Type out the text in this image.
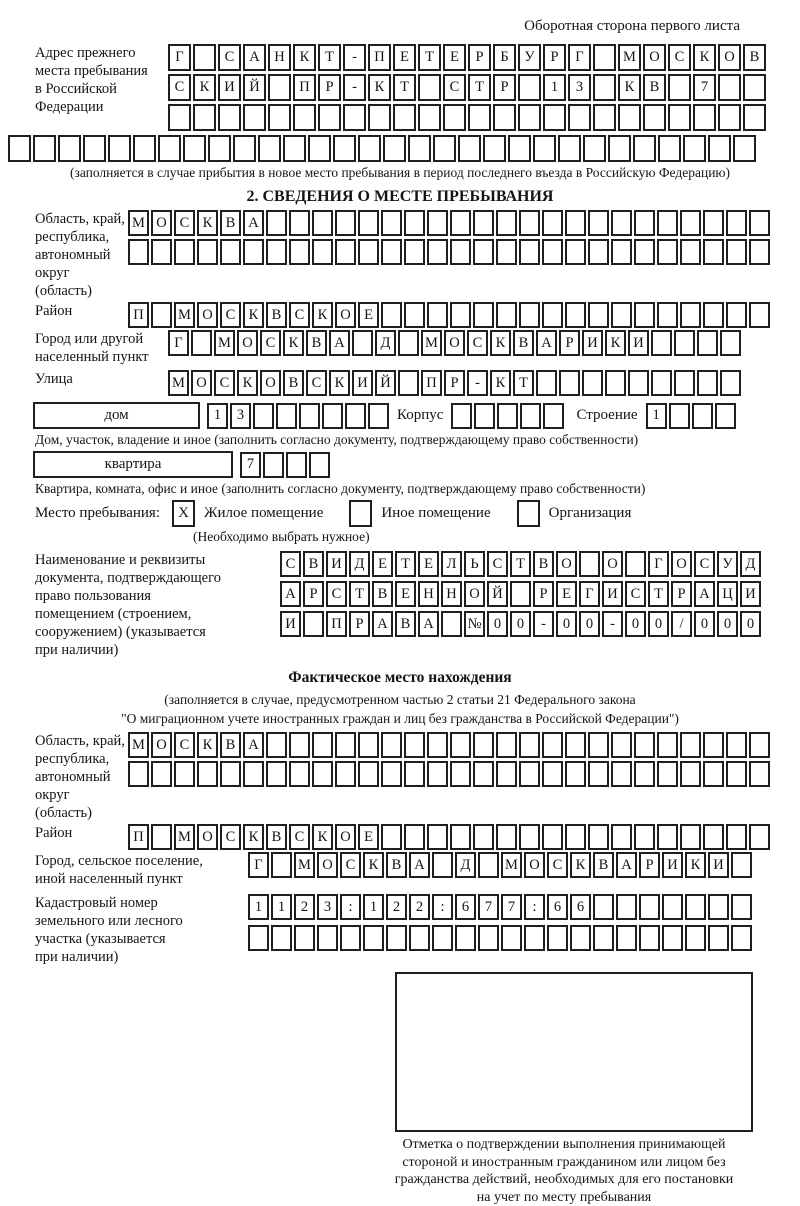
Оборотная сторона первого листа
Адрес прежнего
места пребывания
в Российской
Федерации
Г	С	А	Н	К	Т	-	П	Е	Т	Е	Р	Б	У	Р	Г	М О	С	К	О	В
С	К	И	Й	П	Р	-	К	Т	С	Т	Р	1	3	К	В	7
(заполняется в случае прибытия в новое место пребывания в период последнего въезда в Российскую Федерацию)
2. СВЕДЕНИЯ О МЕСТЕ ПРЕБЫВАНИЯ
Область, край,
республика,
автономный
округ (область)
М О С К В А
Район	П	М О С К В С К О Е
Город или другой
населенный пункт
Г	М О С К В А	Д	М О С К В А Р И К И
Улица	М О С К О В С К И Й	П Р	-	К Т
дом	1	3	Корпус	Строение	1
Дом, участок, владение и иное (заполнить согласно документу, подтверждающему право собственности)
квартира	7
Квартира, комната, офис и иное (заполнить согласно документу, подтверждающему право собственности)
Место пребывания:	X	Жилое помещение	Иное помещение	Организация
(Необходимо выбрать нужное)
Наименование и реквизиты
документа, подтверждающего
право пользования
помещением (строением,
сооружением) (указывается
при наличии)
С В И Д Е Т Е Л Ь С Т В О	О	Г О С У Д
А Р С Т В Е Н Н О Й	Р	Е Г И С Т	Р А Ц И
И	П Р А В А	№ 0	0	-	0	0	-	0	0	/	0	0	0
Фактическое место нахождения
(заполняется в случае, предусмотренном частью 2 статьи 21 Федерального закона
"О миграционном учете иностранных граждан и лиц без гражданства в Российской Федерации")
Область, край,
республика,
автономный округ
(область)
М О С К В А
Район	П	М О С К В С К О Е
Город, сельское поселение,
иной населенный пункт
Г	М О С К В А	Д	М О С К В А Р И К И
Кадастровый номер
земельного или лесного
участка (указывается
при наличии)
1	1	2	3	:	1	2	2	:	6	7	7	:	6	6
Отметка о подтверждении выполнения принимающей
стороной и иностранным гражданином или лицом без
гражданства действий, необходимых для его постановки
на учет по месту пребывания
